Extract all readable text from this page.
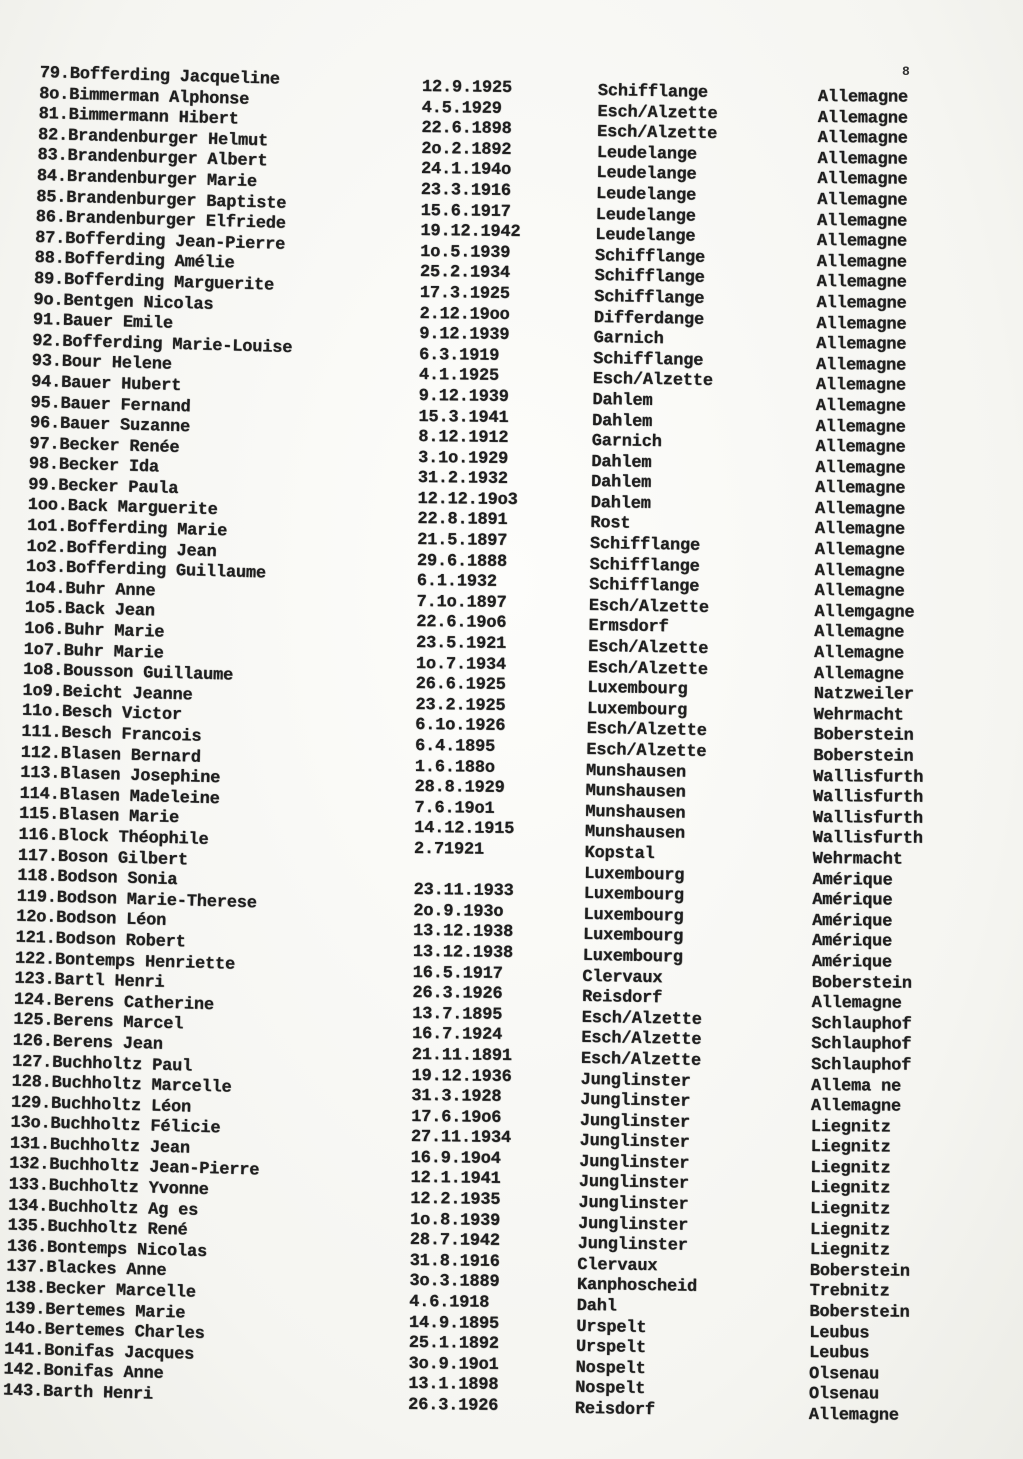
8
79.Bofferding Jacqueline
8o.Bimmerman Alphonse
81.Bimmermann Hibert
82.Brandenburger Helmut
83.Brandenburger Albert
84.Brandenburger Marie
85.Brandenburger Baptiste
86.Brandenburger Elfriede
87.Bofferding Jean-Pierre
88.Bofferding Amélie
89.Bofferding Marguerite
9o.Bentgen Nicolas
91.Bauer Emile
92.Bofferding Marie-Louise
93.Bour Helene
94.Bauer Hubert
95.Bauer Fernand
96.Bauer Suzanne
97.Becker Renée
98.Becker Ida
99.Becker Paula
1oo.Back Marguerite
1o1.Bofferding Marie
1o2.Bofferding Jean
1o3.Bofferding Guillaume
1o4.Buhr Anne
1o5.Back Jean
1o6.Buhr Marie
1o7.Buhr Marie
1o8.Bousson Guillaume
1o9.Beicht Jeanne
11o.Besch Victor
111.Besch Francois
112.Blasen Bernard
113.Blasen Josephine
114.Blasen Madeleine
115.Blasen Marie
116.Block Théophile
117.Boson Gilbert
118.Bodson Sonia
119.Bodson Marie-Therese
12o.Bodson Léon
121.Bodson Robert
122.Bontemps Henriette
123.Bartl Henri
124.Berens Catherine
125.Berens Marcel
126.Berens Jean
127.Buchholtz Paul
128.Buchholtz Marcelle
129.Buchholtz Léon
13o.Buchholtz Félicie
131.Buchholtz Jean
132.Buchholtz Jean-Pierre
133.Buchholtz Yvonne
134.Buchholtz Ag es
135.Buchholtz René
136.Bontemps Nicolas
137.Blackes Anne
138.Becker Marcelle
139.Bertemes Marie
14o.Bertemes Charles
141.Bonifas Jacques
142.Bonifas Anne
143.Barth Henri
12.9.1925
4.5.1929
22.6.1898
2o.2.1892
24.1.194o
23.3.1916
15.6.1917
19.12.1942
1o.5.1939
25.2.1934
17.3.1925
2.12.19oo
9.12.1939
6.3.1919
4.1.1925
9.12.1939
15.3.1941
8.12.1912
3.1o.1929
31.2.1932
12.12.19o3
22.8.1891
21.5.1897
29.6.1888
6.1.1932
7.1o.1897
22.6.19o6
23.5.1921
1o.7.1934
26.6.1925
23.2.1925
6.1o.1926
6.4.1895
1.6.188o
28.8.1929
7.6.19o1
14.12.1915
2.71921
23.11.1933
2o.9.193o
13.12.1938
13.12.1938
16.5.1917
26.3.1926
13.7.1895
16.7.1924
21.11.1891
19.12.1936
31.3.1928
17.6.19o6
27.11.1934
16.9.19o4
12.1.1941
12.2.1935
1o.8.1939
28.7.1942
31.8.1916
3o.3.1889
4.6.1918
14.9.1895
25.1.1892
3o.9.19o1
13.1.1898
26.3.1926
Schifflange
Esch/Alzette
Esch/Alzette
Leudelange
Leudelange
Leudelange
Leudelange
Leudelange
Schifflange
Schifflange
Schifflange
Differdange
Garnich
Schifflange
Esch/Alzette
Dahlem
Dahlem
Garnich
Dahlem
Dahlem
Dahlem
Rost
Schifflange
Schifflange
Schifflange
Esch/Alzette
Ermsdorf
Esch/Alzette
Esch/Alzette
Luxembourg
Luxembourg
Esch/Alzette
Esch/Alzette
Munshausen
Munshausen
Munshausen
Munshausen
Kopstal
Luxembourg
Luxembourg
Luxembourg
Luxembourg
Luxembourg
Clervaux
Reisdorf
Esch/Alzette
Esch/Alzette
Esch/Alzette
Junglinster
Junglinster
Junglinster
Junglinster
Junglinster
Junglinster
Junglinster
Junglinster
Junglinster
Clervaux
Kanphoscheid
Dahl
Urspelt
Urspelt
Nospelt
Nospelt
Reisdorf
Allemagne
Allemagne
Allemagne
Allemagne
Allemagne
Allemagne
Allemagne
Allemagne
Allemagne
Allemagne
Allemagne
Allemagne
Allemagne
Allemagne
Allemagne
Allemagne
Allemagne
Allemagne
Allemagne
Allemagne
Allemagne
Allemagne
Allemagne
Allemagne
Allemagne
Allemgagne
Allemagne
Allemagne
Allemagne
Natzweiler
Wehrmacht
Boberstein
Boberstein
Wallisfurth
Wallisfurth
Wallisfurth
Wallisfurth
Wehrmacht
Amérique
Amérique
Amérique
Amérique
Amérique
Boberstein
Allemagne
Schlauphof
Schlauphof
Schlauphof
Allema ne
Allemagne
Liegnitz
Liegnitz
Liegnitz
Liegnitz
Liegnitz
Liegnitz
Liegnitz
Boberstein
Trebnitz
Boberstein
Leubus
Leubus
Olsenau
Olsenau
Allemagne
